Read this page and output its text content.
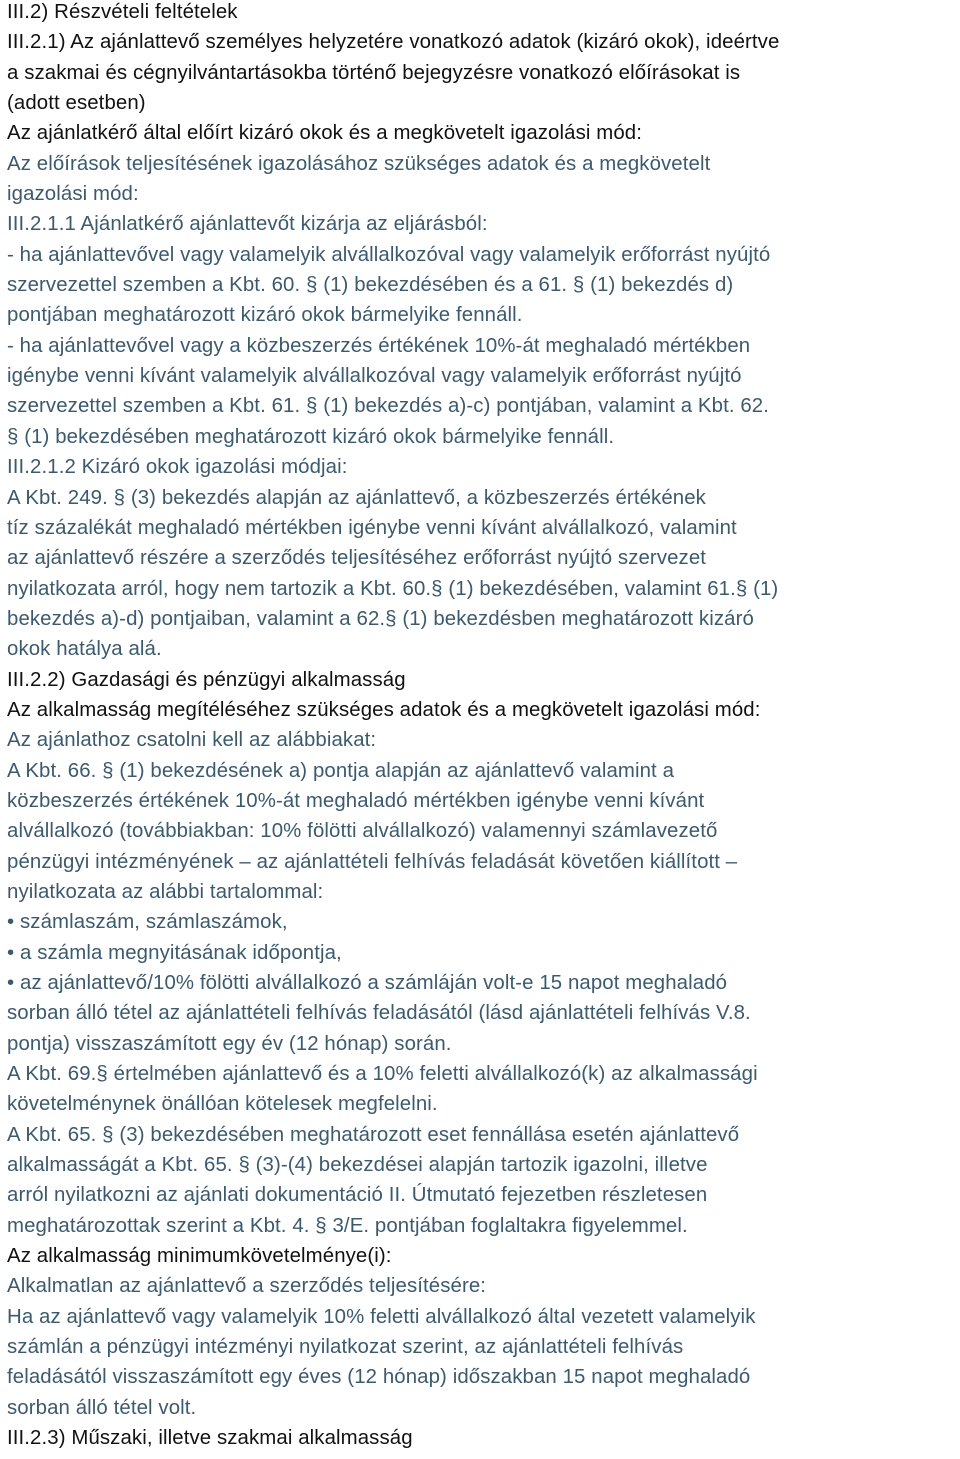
III.2) Részvételi feltételek
III.2.1) Az ajánlattevő személyes helyzetére vonatkozó adatok (kizáró okok), ideértve
a szakmai és cégnyilvántartásokba történő bejegyzésre vonatkozó előírásokat is
(adott esetben)
Az ajánlatkérő által előírt kizáró okok és a megkövetelt igazolási mód:
Az előírások teljesítésének igazolásához szükséges adatok és a megkövetelt
igazolási mód:
III.2.1.1 Ajánlatkérő ajánlattevőt kizárja az eljárásból:
- ha ajánlattevővel vagy valamelyik alvállalkozóval vagy valamelyik erőforrást nyújtó
szervezettel szemben a Kbt. 60. § (1) bekezdésében és a 61. § (1) bekezdés d)
pontjában meghatározott kizáró okok bármelyike fennáll.
- ha ajánlattevővel vagy a közbeszerzés értékének 10%-át meghaladó mértékben
igénybe venni kívánt valamelyik alvállalkozóval vagy valamelyik erőforrást nyújtó
szervezettel szemben a Kbt. 61. § (1) bekezdés a)-c) pontjában, valamint a Kbt. 62.
§ (1) bekezdésében meghatározott kizáró okok bármelyike fennáll.
III.2.1.2 Kizáró okok igazolási módjai:
A Kbt. 249. § (3) bekezdés alapján az ajánlattevő, a közbeszerzés értékének
tíz százalékát meghaladó mértékben igénybe venni kívánt alvállalkozó, valamint
az ajánlattevő részére a szerződés teljesítéséhez erőforrást nyújtó szervezet
nyilatkozata arról, hogy nem tartozik a Kbt. 60.§ (1) bekezdésében, valamint 61.§ (1)
bekezdés a)-d) pontjaiban, valamint a 62.§ (1) bekezdésben meghatározott kizáró
okok hatálya alá.
III.2.2) Gazdasági és pénzügyi alkalmasság
Az alkalmasság megítéléséhez szükséges adatok és a megkövetelt igazolási mód:
Az ajánlathoz csatolni kell az alábbiakat:
A Kbt. 66. § (1) bekezdésének a) pontja alapján az ajánlattevő valamint a
közbeszerzés értékének 10%-át meghaladó mértékben igénybe venni kívánt
alvállalkozó (továbbiakban: 10% fölötti alvállalkozó) valamennyi számlavezető
pénzügyi intézményének – az ajánlattételi felhívás feladását követően kiállított –
nyilatkozata az alábbi tartalommal:
• számlaszám, számlaszámok,
• a számla megnyitásának időpontja,
• az ajánlattevő/10% fölötti alvállalkozó a számláján volt-e 15 napot meghaladó
sorban álló tétel az ajánlattételi felhívás feladásától (lásd ajánlattételi felhívás V.8.
pontja) visszaszámított egy év (12 hónap) során.
A Kbt. 69.§ értelmében ajánlattevő és a 10% feletti alvállalkozó(k) az alkalmassági
követelménynek önállóan kötelesek megfelelni.
A Kbt. 65. § (3) bekezdésében meghatározott eset fennállása esetén ajánlattevő
alkalmasságát a Kbt. 65. § (3)-(4) bekezdései alapján tartozik igazolni, illetve
arról nyilatkozni az ajánlati dokumentáció II. Útmutató fejezetben részletesen
meghatározottak szerint a Kbt. 4. § 3/E. pontjában foglaltakra figyelemmel.
Az alkalmasság minimumkövetelménye(i):
Alkalmatlan az ajánlattevő a szerződés teljesítésére:
Ha az ajánlattevő vagy valamelyik 10% feletti alvállalkozó által vezetett valamelyik
számlán a pénzügyi intézményi nyilatkozat szerint, az ajánlattételi felhívás
feladásától visszaszámított egy éves (12 hónap) időszakban 15 napot meghaladó
sorban álló tétel volt.
III.2.3) Műszaki, illetve szakmai alkalmasság
